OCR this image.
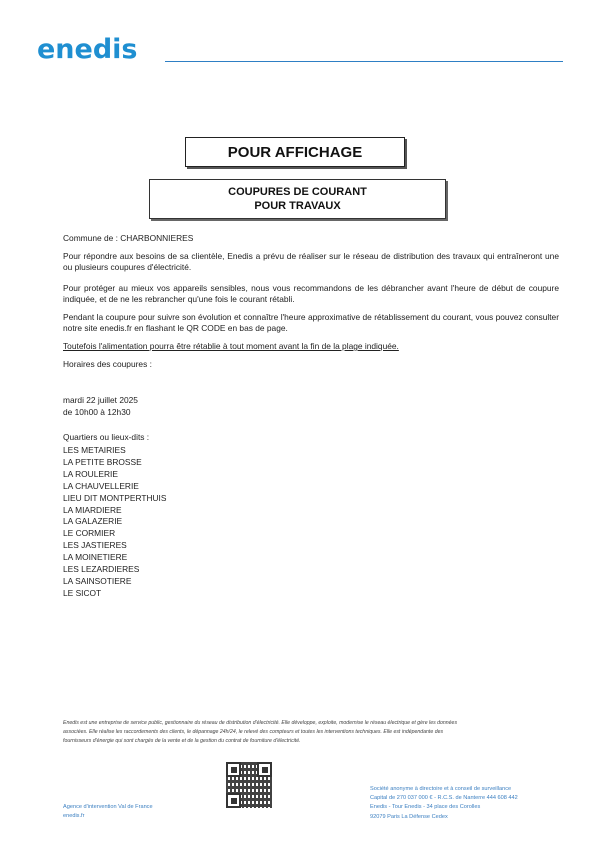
enedis
POUR AFFICHAGE
COUPURES DE COURANT
POUR TRAVAUX
Commune de : CHARBONNIERES
Pour répondre aux besoins de sa clientèle, Enedis a prévu de réaliser sur le réseau de distribution des travaux qui entraîneront une ou plusieurs coupures d'électricité.
Pour protéger au mieux vos appareils sensibles, nous vous recommandons de les débrancher avant l'heure de début de coupure indiquée, et de ne les rebrancher qu'une fois le courant rétabli.
Pendant la coupure pour suivre son évolution et connaître l'heure approximative de rétablissement du courant, vous pouvez consulter notre site enedis.fr en flashant le QR CODE en bas de page.
Toutefois l'alimentation pourra être rétablie à tout moment avant la fin de la plage indiquée.
Horaires des coupures :
mardi 22 juillet 2025
de 10h00 à 12h30
Quartiers ou lieux-dits :
LES METAIRIES
LA PETITE BROSSE
LA ROULERIE
LA CHAUVELLERIE
LIEU DIT MONTPERTHUIS
LA MIARDIERE
LA GALAZERIE
LE CORMIER
LES JASTIERES
LA MOINETIERE
LES LEZARDIERES
LA SAINSOTIERE
LE SICOT
Enedis est une entreprise de service public, gestionnaire du réseau de distribution d'électricité. Elle développe, exploite, modernise le réseau électrique et gère les données
associées. Elle réalise les raccordements des clients, le dépannage 24h/24, le relevé des compteurs et toutes les interventions techniques. Elle est indépendante des
fournisseurs d'énergie qui sont chargés de la vente et de la gestion du contrat de fourniture d'électricité.
Agence d'intervention Val de France
enedis.fr
Société anonyme à directoire et à conseil de surveillance
Capital de 270 037 000 € - R.C.S. de Nanterre 444 608 442
Enedis - Tour Enedis - 34 place des Corolles
92079 Paris La Défense Cedex
